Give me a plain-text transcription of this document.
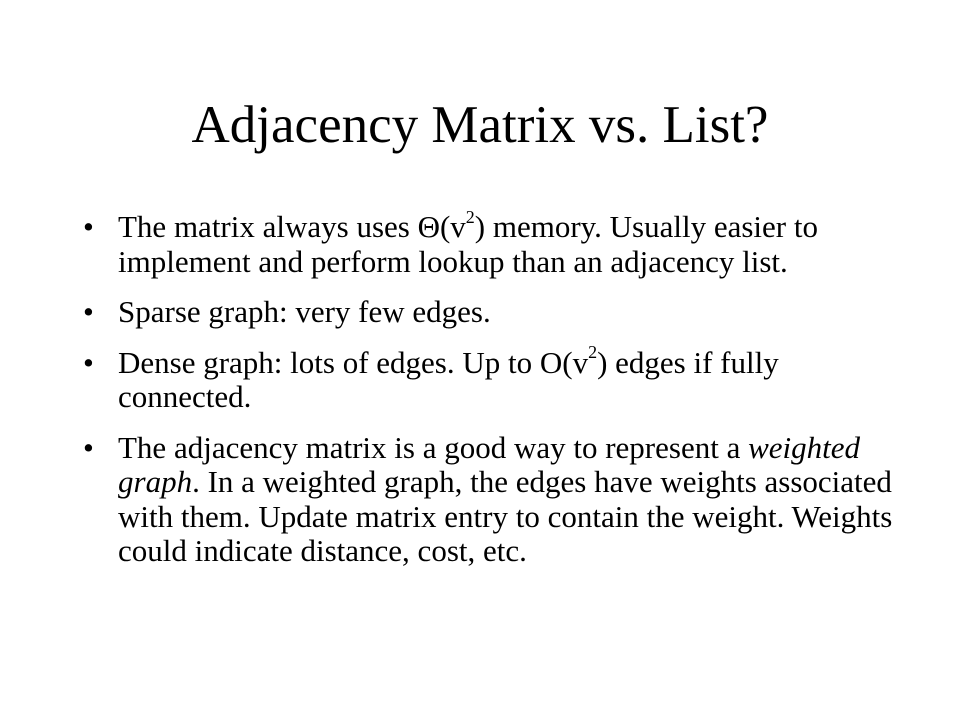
Adjacency Matrix vs. List?
• The matrix always uses $\Theta(v^2)$ memory. Usually easier to implement and perform lookup than an adjacency list.
• Sparse graph: very few edges.
• Dense graph: lots of edges. Up to $O(v^2)$ edges if fully connected.
• The adjacency matrix is a good way to represent a weighted graph. In a weighted graph, the edges have weights associated with them. Update matrix entry to contain the weight. Weights could indicate distance, cost, etc.
